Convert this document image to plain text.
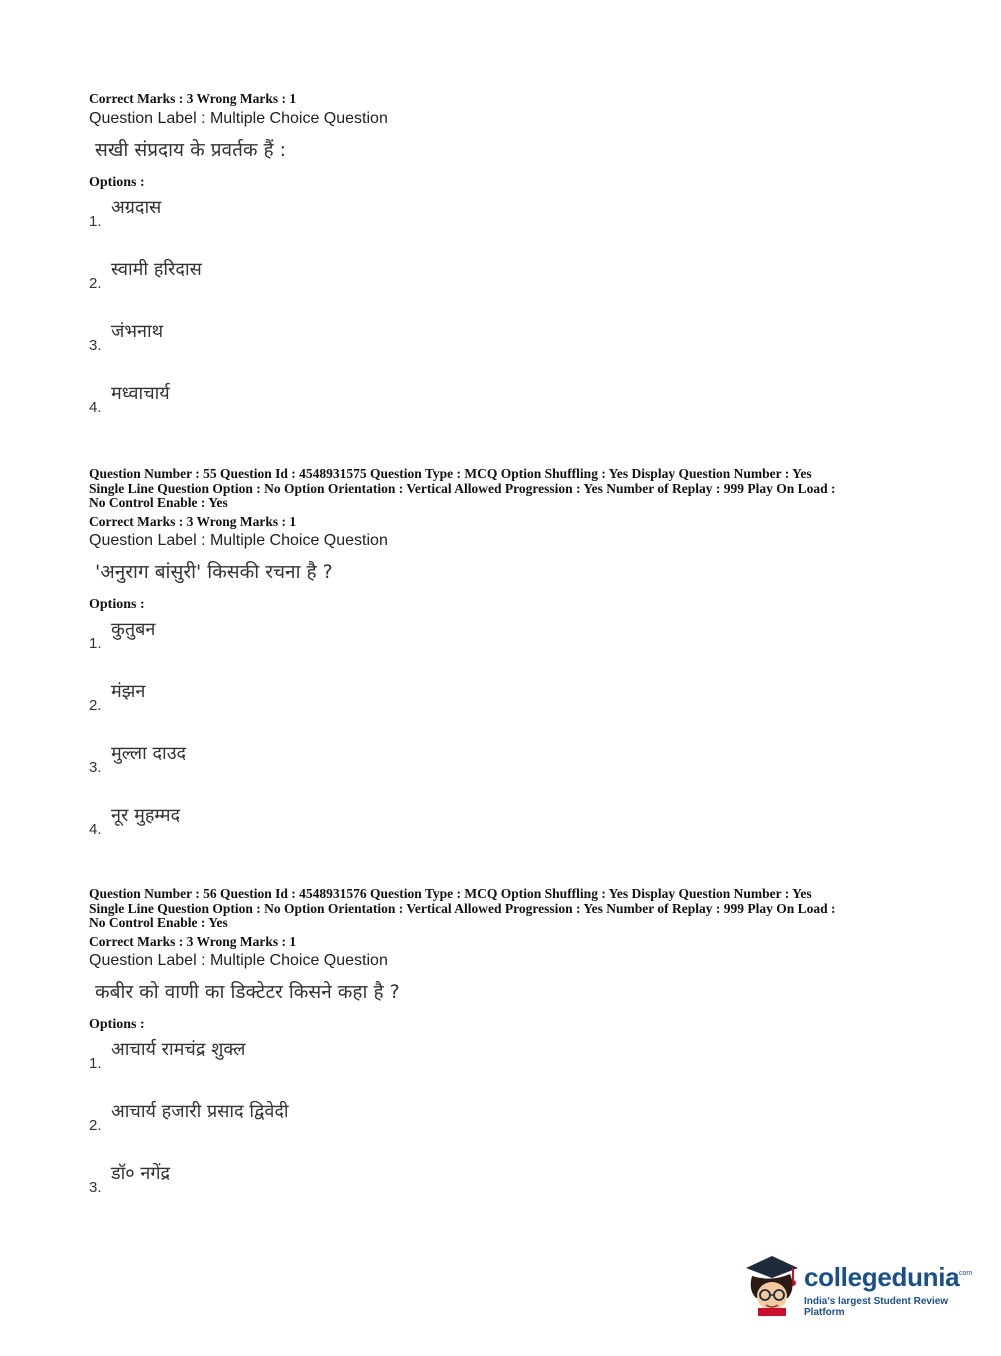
Correct Marks : 3 Wrong Marks : 1
Question Label : Multiple Choice Question
सखी संप्रदाय के प्रवर्तक हैं :
Options :
1.
अग्रदास
2.
स्वामी हरिदास
3.
जंभनाथ
4.
मध्वाचार्य
Question Number : 55 Question Id : 4548931575 Question Type : MCQ Option Shuffling : Yes Display Question Number : Yes
Single Line Question Option : No Option Orientation : Vertical Allowed Progression : Yes Number of Replay : 999 Play On Load :
No Control Enable : Yes
Correct Marks : 3 Wrong Marks : 1
Question Label : Multiple Choice Question
'अनुराग बांसुरी' किसकी रचना है ?
Options :
1.
कुतुबन
2.
मंझन
3.
मुल्ला दाउद
4.
नूर मुहम्मद
Question Number : 56 Question Id : 4548931576 Question Type : MCQ Option Shuffling : Yes Display Question Number : Yes
Single Line Question Option : No Option Orientation : Vertical Allowed Progression : Yes Number of Replay : 999 Play On Load :
No Control Enable : Yes
Correct Marks : 3 Wrong Marks : 1
Question Label : Multiple Choice Question
कबीर को वाणी का डिक्टेटर किसने कहा है ?
Options :
1.
आचार्य रामचंद्र शुक्ल
2.
आचार्य हजारी प्रसाद द्विवेदी
3.
डॉ० नगेंद्र
collegedunia
.com
India's largest Student Review Platform
